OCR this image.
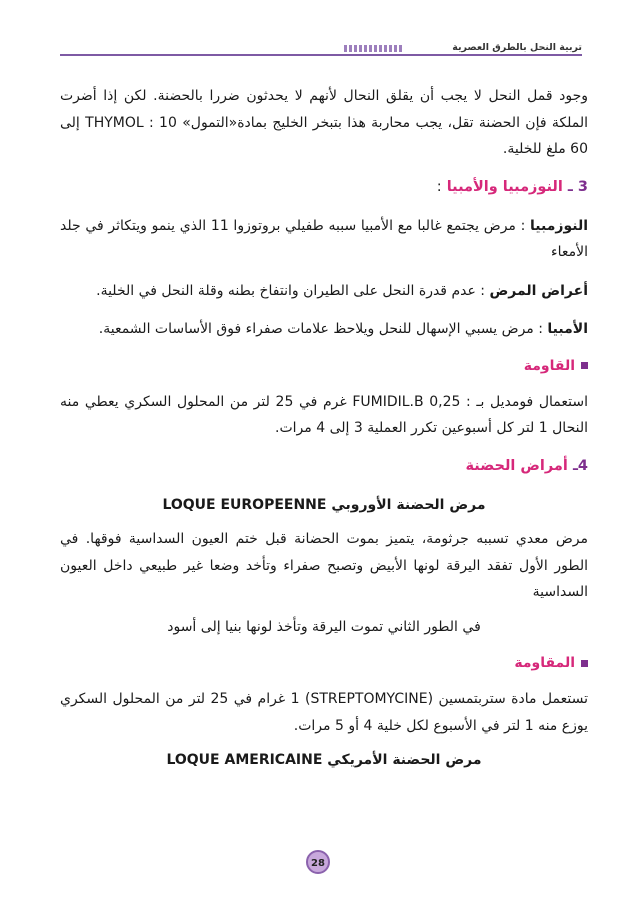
تربية النحل بالطرق العصرية

وجود قمل النحل لا يجب أن يقلق النحال لأنهم لا يحدثون ضررا بالحضنة. لكن إذا أضرت الملكة فإن الحضنة تقل، يجب محاربة هذا بتبخر الخليج بمادة«التمول» THYMOL : 10 إلى 60 ملغ للخلية.

3 ـ النوزمبيا والأمبيا :

النوزمبيا : مرض يجتمع غالبا مع الأمبيا سببه طفيلي بروتوزوا 11 الذي ينمو ويتكاثر في جلد الأمعاء

أعراض المرض : عدم قدرة النحل على الطيران وانتفاخ بطنه وقلة النحل في الخلية.

الأمبيا : مرض يسبي الإسهال للنحل ويلاحظ علامات صفراء فوق الأساسات الشمعية.

القاومة

استعمال فومديل بـ : FUMIDIL.B 0,25 غرم في 25 لتر من المحلول السكري يعطي منه النحال 1 لتر كل أسبوعين تكرر العملية 3 إلى 4 مرات.

4ـ أمراض الحضنة

مرض الحضنة الأوروبي LOQUE EUROPEENNE

مرض معدي تسببه جرثومة، يتميز بموت الحضانة قبل ختم العيون السداسية فوقها. في الطور الأول تفقد اليرقة لونها الأبيض وتصبح صفراء وتأخد وضعا غير طبيعي داخل العيون السداسية

في الطور الثاني تموت اليرقة وتأخذ لونها بنيا إلى أسود

المقاومة

تستعمل مادة ستربتمسين (STREPTOMYCINE) 1 غرام في 25 لتر من المحلول السكري يوزع منه 1 لتر في الأسبوع لكل خلية 4 أو 5 مرات.

مرض الحضنة الأمريكي LOQUE AMERICAINE

28
